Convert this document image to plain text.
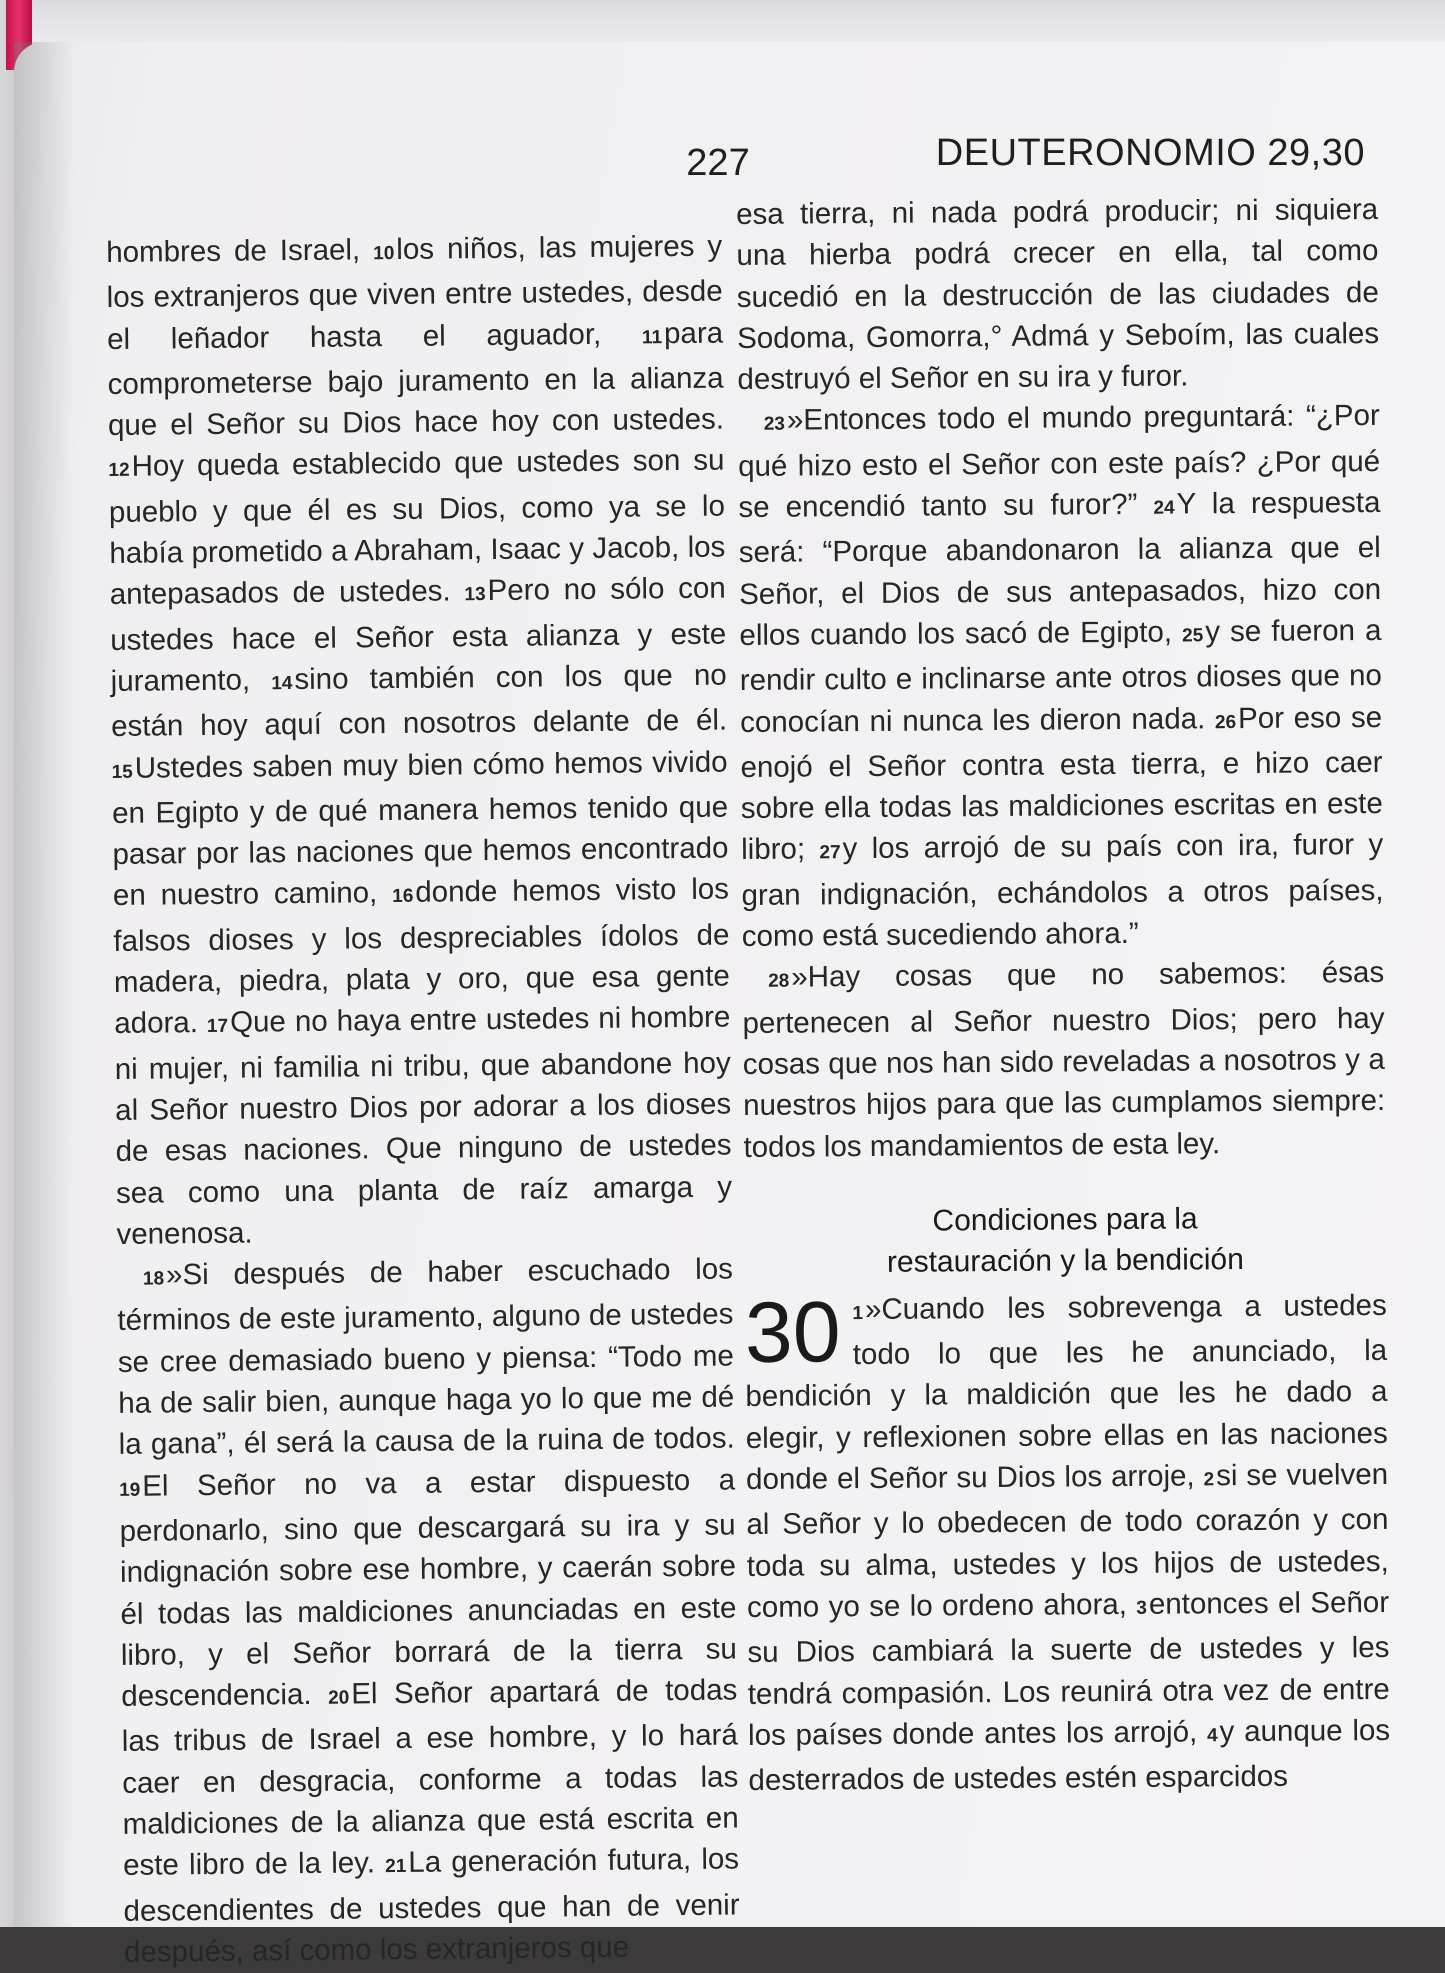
227	DEUTERONOMIO 29,30

hombres de Israel, 10los niños, las mujeres y los extranjeros que viven entre ustedes, desde el leñador hasta el aguador, 11para comprometerse bajo juramento en la alianza que el Señor su Dios hace hoy con ustedes. 12Hoy queda establecido que ustedes son su pueblo y que él es su Dios, como ya se lo había prometido a Abraham, Isaac y Jacob, los antepasados de ustedes. 13Pero no sólo con ustedes hace el Señor esta alianza y este juramento, 14sino también con los que no están hoy aquí con nosotros delante de él. 15Ustedes saben muy bien cómo hemos vivido en Egipto y de qué manera hemos tenido que pasar por las naciones que hemos encontrado en nuestro camino, 16donde hemos visto los falsos dioses y los despreciables ídolos de madera, piedra, plata y oro, que esa gente adora. 17Que no haya entre ustedes ni hombre ni mujer, ni familia ni tribu, que abandone hoy al Señor nuestro Dios por adorar a los dioses de esas naciones. Que ninguno de ustedes sea como una planta de raíz amarga y venenosa.

18»Si después de haber escuchado los términos de este juramento, alguno de ustedes se cree demasiado bueno y piensa: “Todo me ha de salir bien, aunque haga yo lo que me dé la gana”, él será la causa de la ruina de todos. 19El Señor no va a estar dispuesto a perdonarlo, sino que descargará su ira y su indignación sobre ese hombre, y caerán sobre él todas las maldiciones anunciadas en este libro, y el Señor borrará de la tierra su descendencia. 20El Señor apartará de todas las tribus de Israel a ese hombre, y lo hará caer en desgracia, conforme a todas las maldiciones de la alianza que está escrita en este libro de la ley. 21La generación futura, los descendientes de ustedes que han de venir después, así como los extranjeros que

esa tierra, ni nada podrá producir; ni siquiera una hierba podrá crecer en ella, tal como sucedió en la destrucción de las ciudades de Sodoma, Gomorra,° Admá y Seboím, las cuales destruyó el Señor en su ira y furor.

23»Entonces todo el mundo preguntará: “¿Por qué hizo esto el Señor con este país? ¿Por qué se encendió tanto su furor?” 24Y la respuesta será: “Porque abandonaron la alianza que el Señor, el Dios de sus antepasados, hizo con ellos cuando los sacó de Egipto, 25y se fueron a rendir culto e inclinarse ante otros dioses que no conocían ni nunca les dieron nada. 26Por eso se enojó el Señor contra esta tierra, e hizo caer sobre ella todas las maldiciones escritas en este libro; 27y los arrojó de su país con ira, furor y gran indignación, echándolos a otros países, como está sucediendo ahora.”

28»Hay cosas que no sabemos: ésas pertenecen al Señor nuestro Dios; pero hay cosas que nos han sido reveladas a nosotros y a nuestros hijos para que las cumplamos siempre: todos los mandamientos de esta ley.

Condiciones para la
restauración y la bendición

30 1»Cuando les sobrevenga a ustedes todo lo que les he anunciado, la bendición y la maldición que les he dado a elegir, y reflexionen sobre ellas en las naciones donde el Señor su Dios los arroje, 2si se vuelven al Señor y lo obedecen de todo corazón y con toda su alma, ustedes y los hijos de ustedes, como yo se lo ordeno ahora, 3entonces el Señor su Dios cambiará la suerte de ustedes y les tendrá compasión. Los reunirá otra vez de entre los países donde antes los arrojó, 4y aunque los desterrados de ustedes estén esparcidos
